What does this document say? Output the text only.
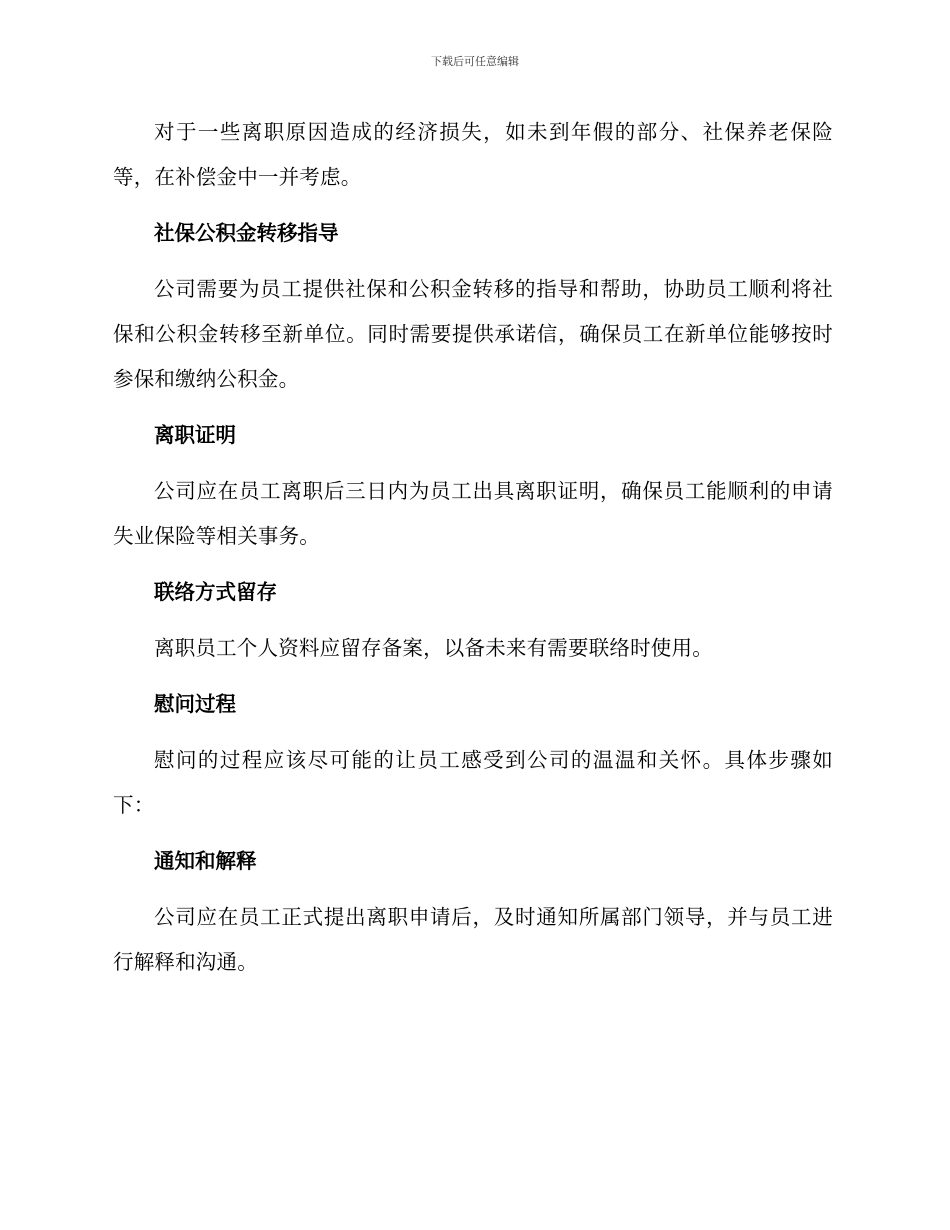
下载后可任意编辑

对于一些离职原因造成的经济损失，如未到年假的部分、社保养老保险等，在补偿金中一并考虑。

社保公积金转移指导

公司需要为员工提供社保和公积金转移的指导和帮助，协助员工顺利将社保和公积金转移至新单位。同时需要提供承诺信，确保员工在新单位能够按时参保和缴纳公积金。

离职证明

公司应在员工离职后三日内为员工出具离职证明，确保员工能顺利的申请失业保险等相关事务。

联络方式留存

离职员工个人资料应留存备案，以备未来有需要联络时使用。

慰问过程

慰问的过程应该尽可能的让员工感受到公司的温温和关怀。具体步骤如下：

通知和解释

公司应在员工正式提出离职申请后，及时通知所属部门领导，并与员工进行解释和沟通。
